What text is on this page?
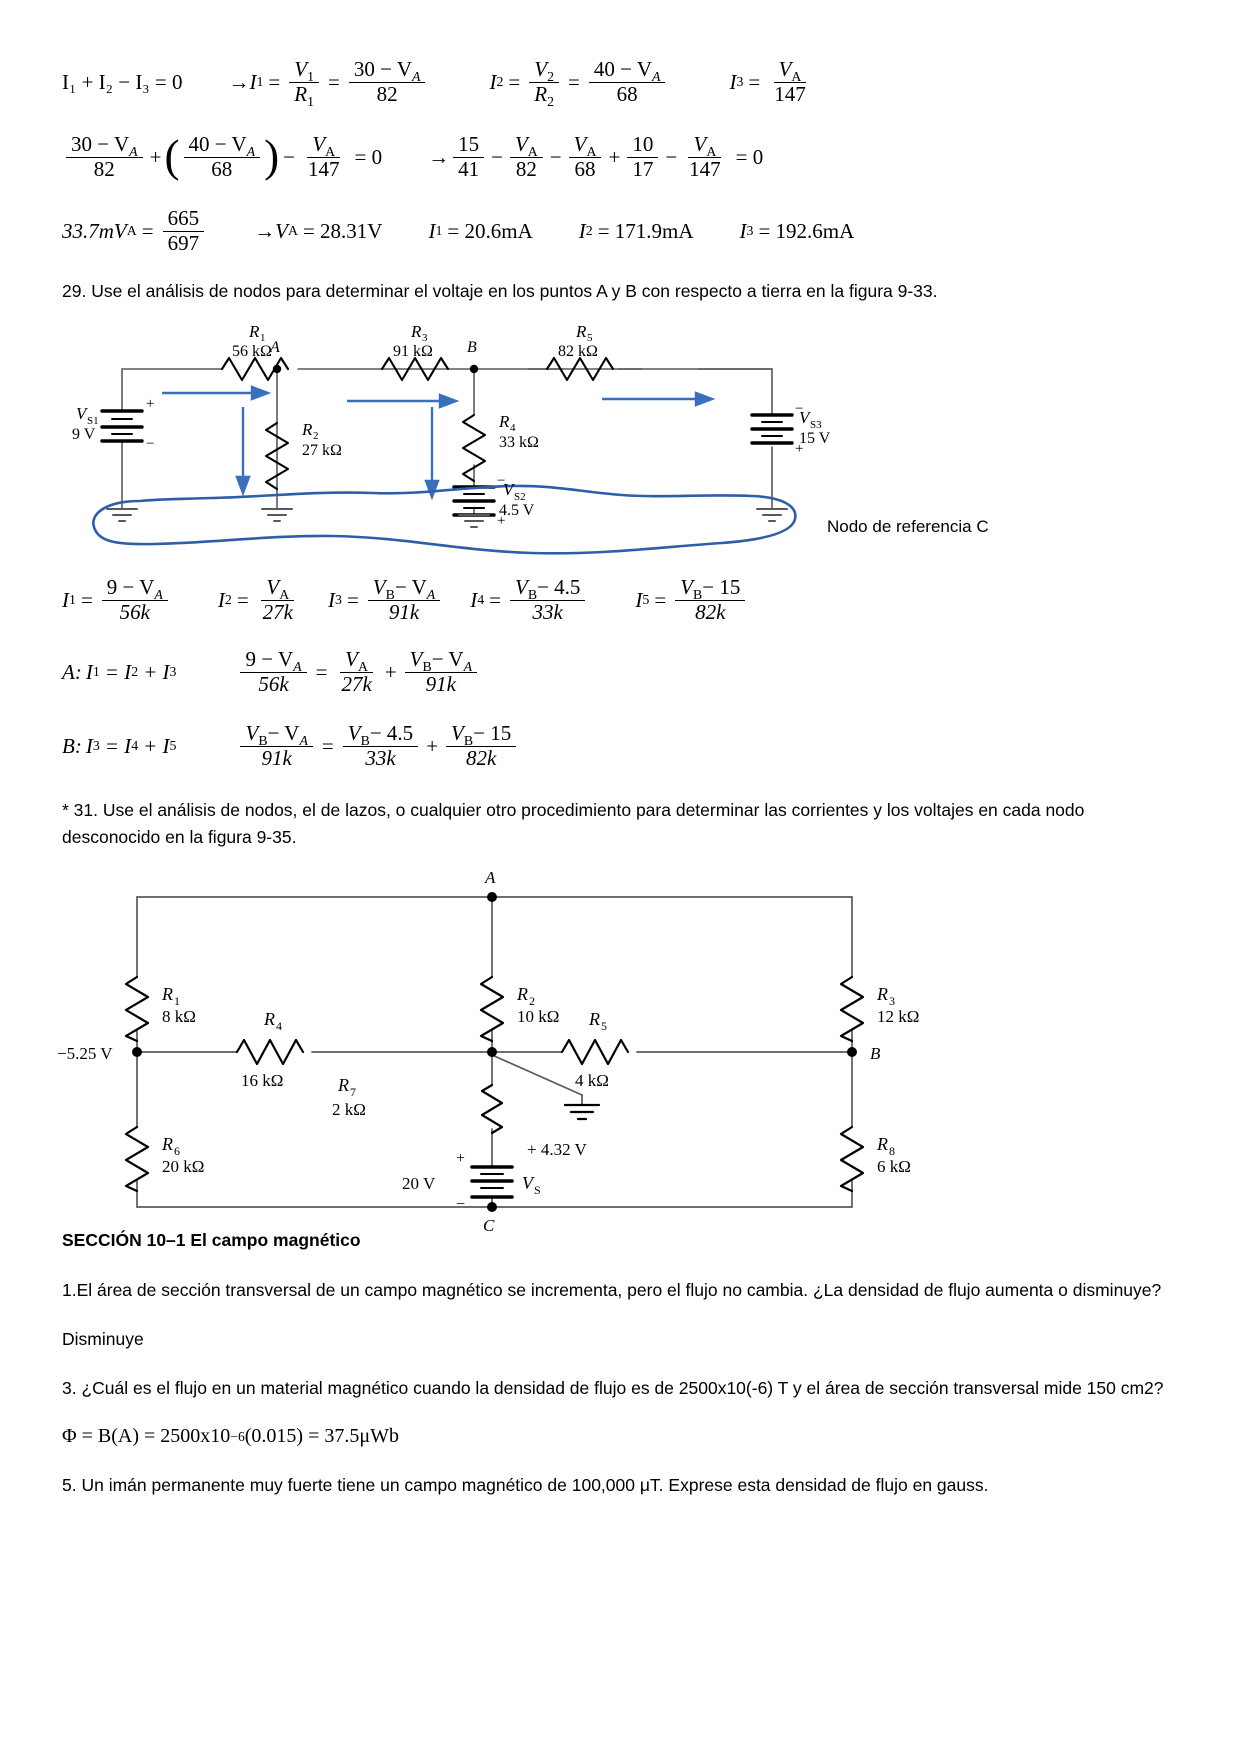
I₁ + I₂ − I₃ = 0 → I $1 = \frac{V_1}{R_1} = \frac{30 - V_A}{82}$	I $2 = \frac{V_2}{R_2} = \frac{40 - V_A}{68}$	I $3 = \frac{V_A}{147}$
$\frac{30 - V_A}{82}$ + ( $\frac{40 - V_A}{68}$ ) − $\frac{V_A}{147} = 0 \to \frac{15}{41} - \frac{V_A}{82} - \frac{V_A}{68} + \frac{10}{17} - \frac{V_A}{147} = 0$
33.7mV $A = \frac{665}{697} \to V$ A = 28.31V I 1 = 20.6mA I 2 = 171.9mA I 3 = 192.6mA

29. Use el análisis de nodos para determinar el voltaje en los puntos A y B con respecto a tierra en la figura 9-33.

R 1
56 kΩ
R 3
91 kΩ
R 5
82 kΩ
A	B
R 2
27 kΩ
R 4
33 kΩ
V S1
9 V
+
−
V S2
4.5 V
−
+
V S3
15 V
−
+
Nodo de referencia C
I $1 = \frac{9 - V_A}{56k}$ I $2 = \frac{V_A}{27k}$ I $3 = \frac{V_B- V_A}{91k}$ I $4 = \frac{V_B- 4.5}{33k}$ I $5 = \frac{V_B- 15}{82k}$
A: I 1 = I 2 + I 3	$\frac{9 - V_A}{56k} = \frac{V_A}{27k} + \frac{V_B- V_A}{91k}$
B: I 3 = I 4 + I 5	$\frac{V_B- V_A}{91k} = \frac{V_B- 4.5}{33k} + \frac{V_B- 15}{82k}$

* 31. Use el análisis de nodos, el de lazos, o cualquier otro procedimiento para determinar las corrientes y los voltajes en cada nodo desconocido en la figura 9-35.

A
B
C
R 1
8 kΩ
R 2
10 kΩ
R 3
12 kΩ
R 4
16 kΩ
R 5
4 kΩ
R 6
20 kΩ
R 8
6 kΩ
R 7
2 kΩ
+ 4.32 V
20 V	V S
+
−
−5.25 V

SECCIÓN 10–1 El campo magnético

1.El área de sección transversal de un campo magnético se incrementa, pero el flujo no cambia. ¿La densidad de flujo aumenta o disminuye?

Disminuye

3. ¿Cuál es el flujo en un material magnético cuando la densidad de flujo es de 2500x10(-6) T y el área de sección transversal mide 150 cm2?

Φ = B(A) = 2500x10 −6 (0.015) = 37.5μWb

5. Un imán permanente muy fuerte tiene un campo magnético de 100,000 μT. Exprese esta densidad de flujo en gauss.
